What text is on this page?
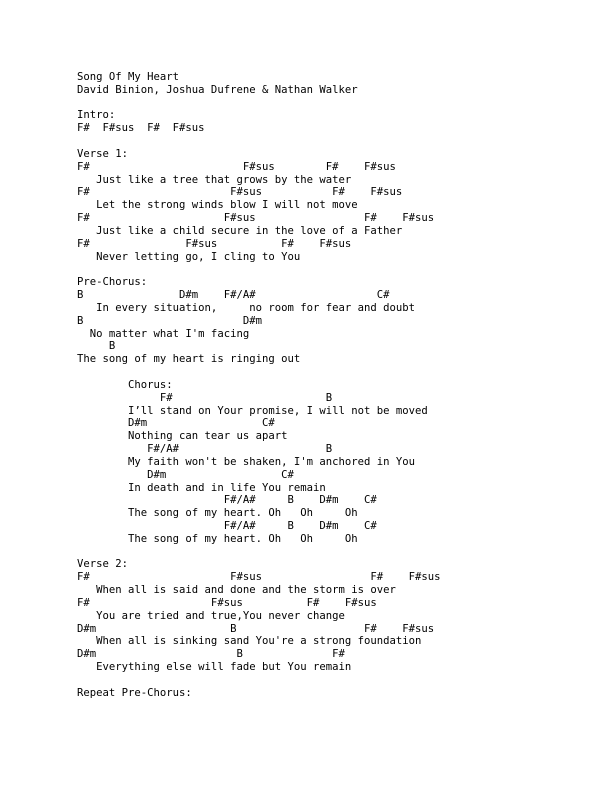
Song Of My Heart
David Binion, Joshua Dufrene & Nathan Walker
Intro:
F#  F#sus  F#  F#sus
Verse 1:
F#                        F#sus        F#    F#sus
Just like a tree that grows by the water
F#                      F#sus           F#    F#sus
Let the strong winds blow I will not move
F#                     F#sus                 F#    F#sus
Just like a child secure in the love of a Father
F#               F#sus          F#    F#sus
Never letting go, I cling to You
Pre-Chorus:
B               D#m    F#/A#                   C#
In every situation,     no room for fear and doubt
B                         D#m
No matter what I'm facing
B
The song of my heart is ringing out
Chorus:
F#                        B
I’ll stand on Your promise, I will not be moved
D#m                  C#
Nothing can tear us apart
F#/A#                       B
My faith won't be shaken, I'm anchored in You
D#m                  C#
In death and in life You remain
F#/A#     B    D#m    C#
The song of my heart. Oh   Oh     Oh
F#/A#     B    D#m    C#
The song of my heart. Oh   Oh     Oh
Verse 2:
F#                      F#sus                 F#    F#sus
When all is said and done and the storm is over
F#                   F#sus          F#    F#sus
You are tried and true,You never change
D#m                     B                    F#    F#sus
When all is sinking sand You're a strong foundation
D#m                      B              F#
Everything else will fade but You remain
Repeat Pre-Chorus:
